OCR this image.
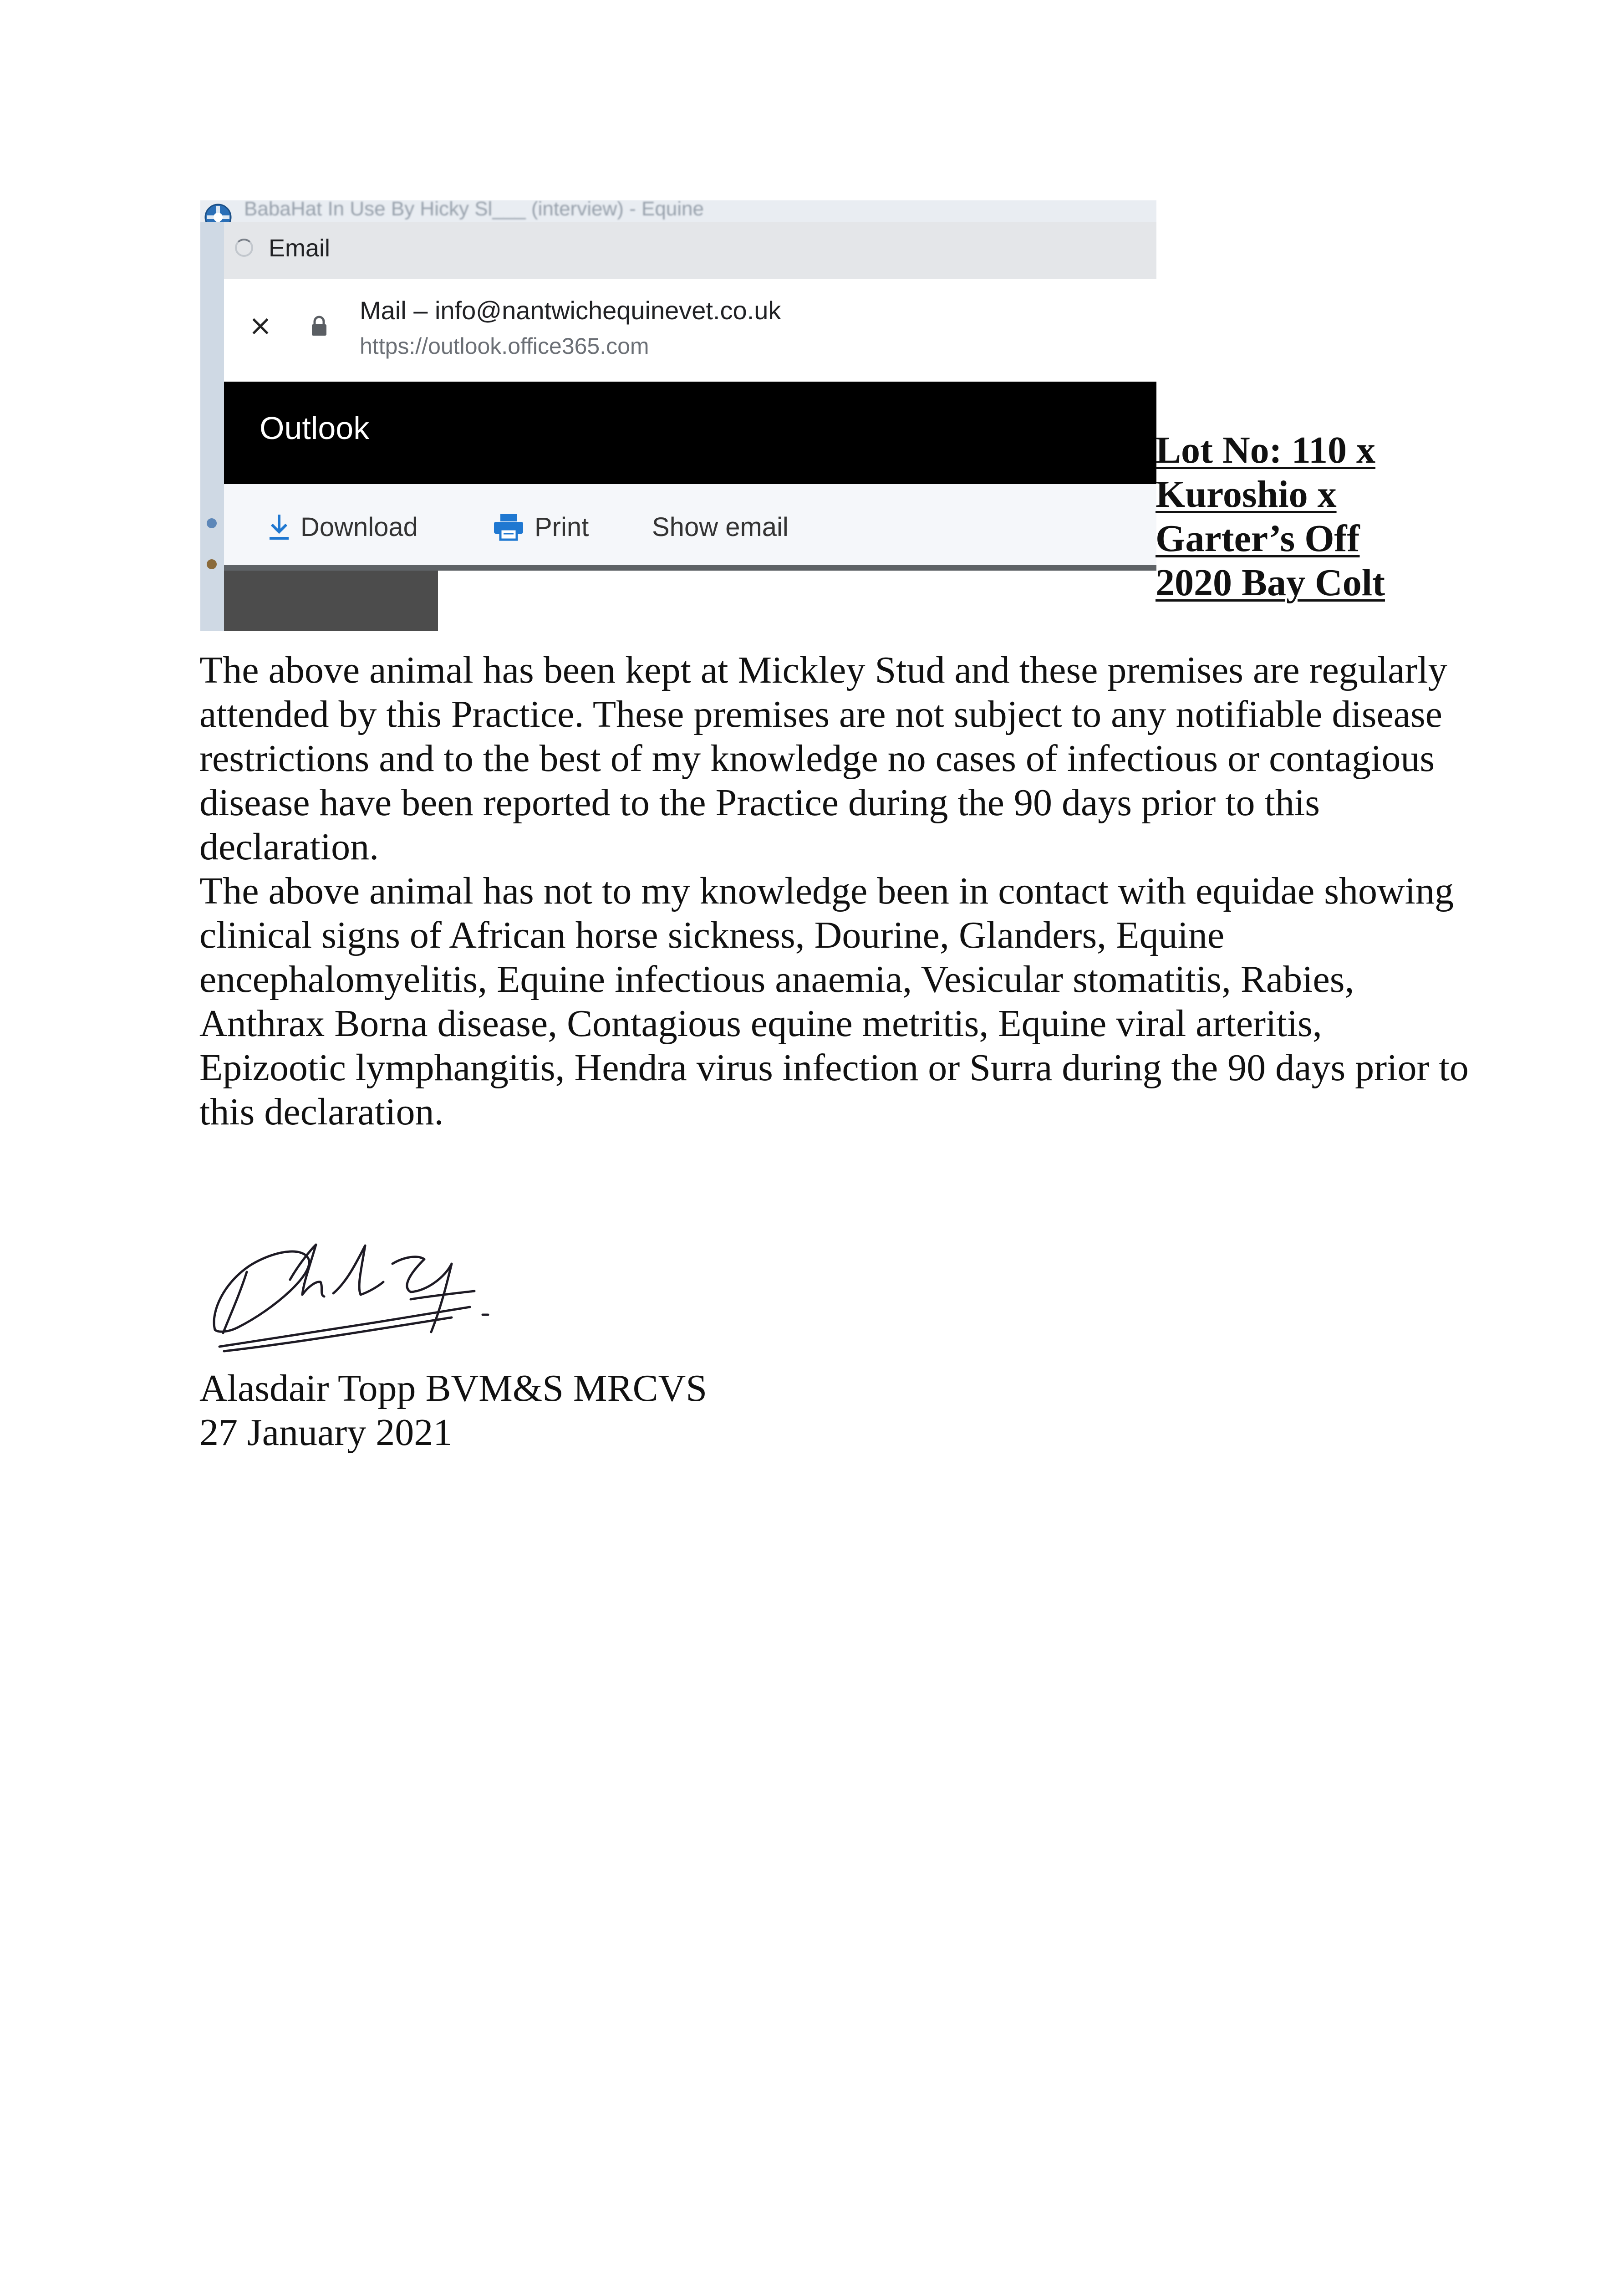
BabaHat In Use By Hicky Sl___ (interview) - Equine
Email
×	Mail – info@nantwichequinevet.co.uk
https://outlook.office365.com
Outlook
Download	Print Show email
Lot No: 110 x
Kuroshio x
Garter’s Off
2020 Bay Colt

The above animal has been kept at Mickley Stud and these premises are regularly attended by this Practice. These premises are not subject to any notifiable disease restrictions and to the best of my knowledge no cases of infectious or contagious disease have been reported to the Practice during the 90 days prior to this declaration.

The above animal has not to my knowledge been in contact with equidae showing clinical signs of African horse sickness, Dourine, Glanders, Equine encephalomyelitis, Equine infectious anaemia, Vesicular stomatitis, Rabies, Anthrax Borna disease, Contagious equine metritis, Equine viral arteritis, Epizootic lymphangitis, Hendra virus infection or Surra during the 90 days prior to this declaration.

Alasdair Topp BVM&S MRCVS
27 January 2021
